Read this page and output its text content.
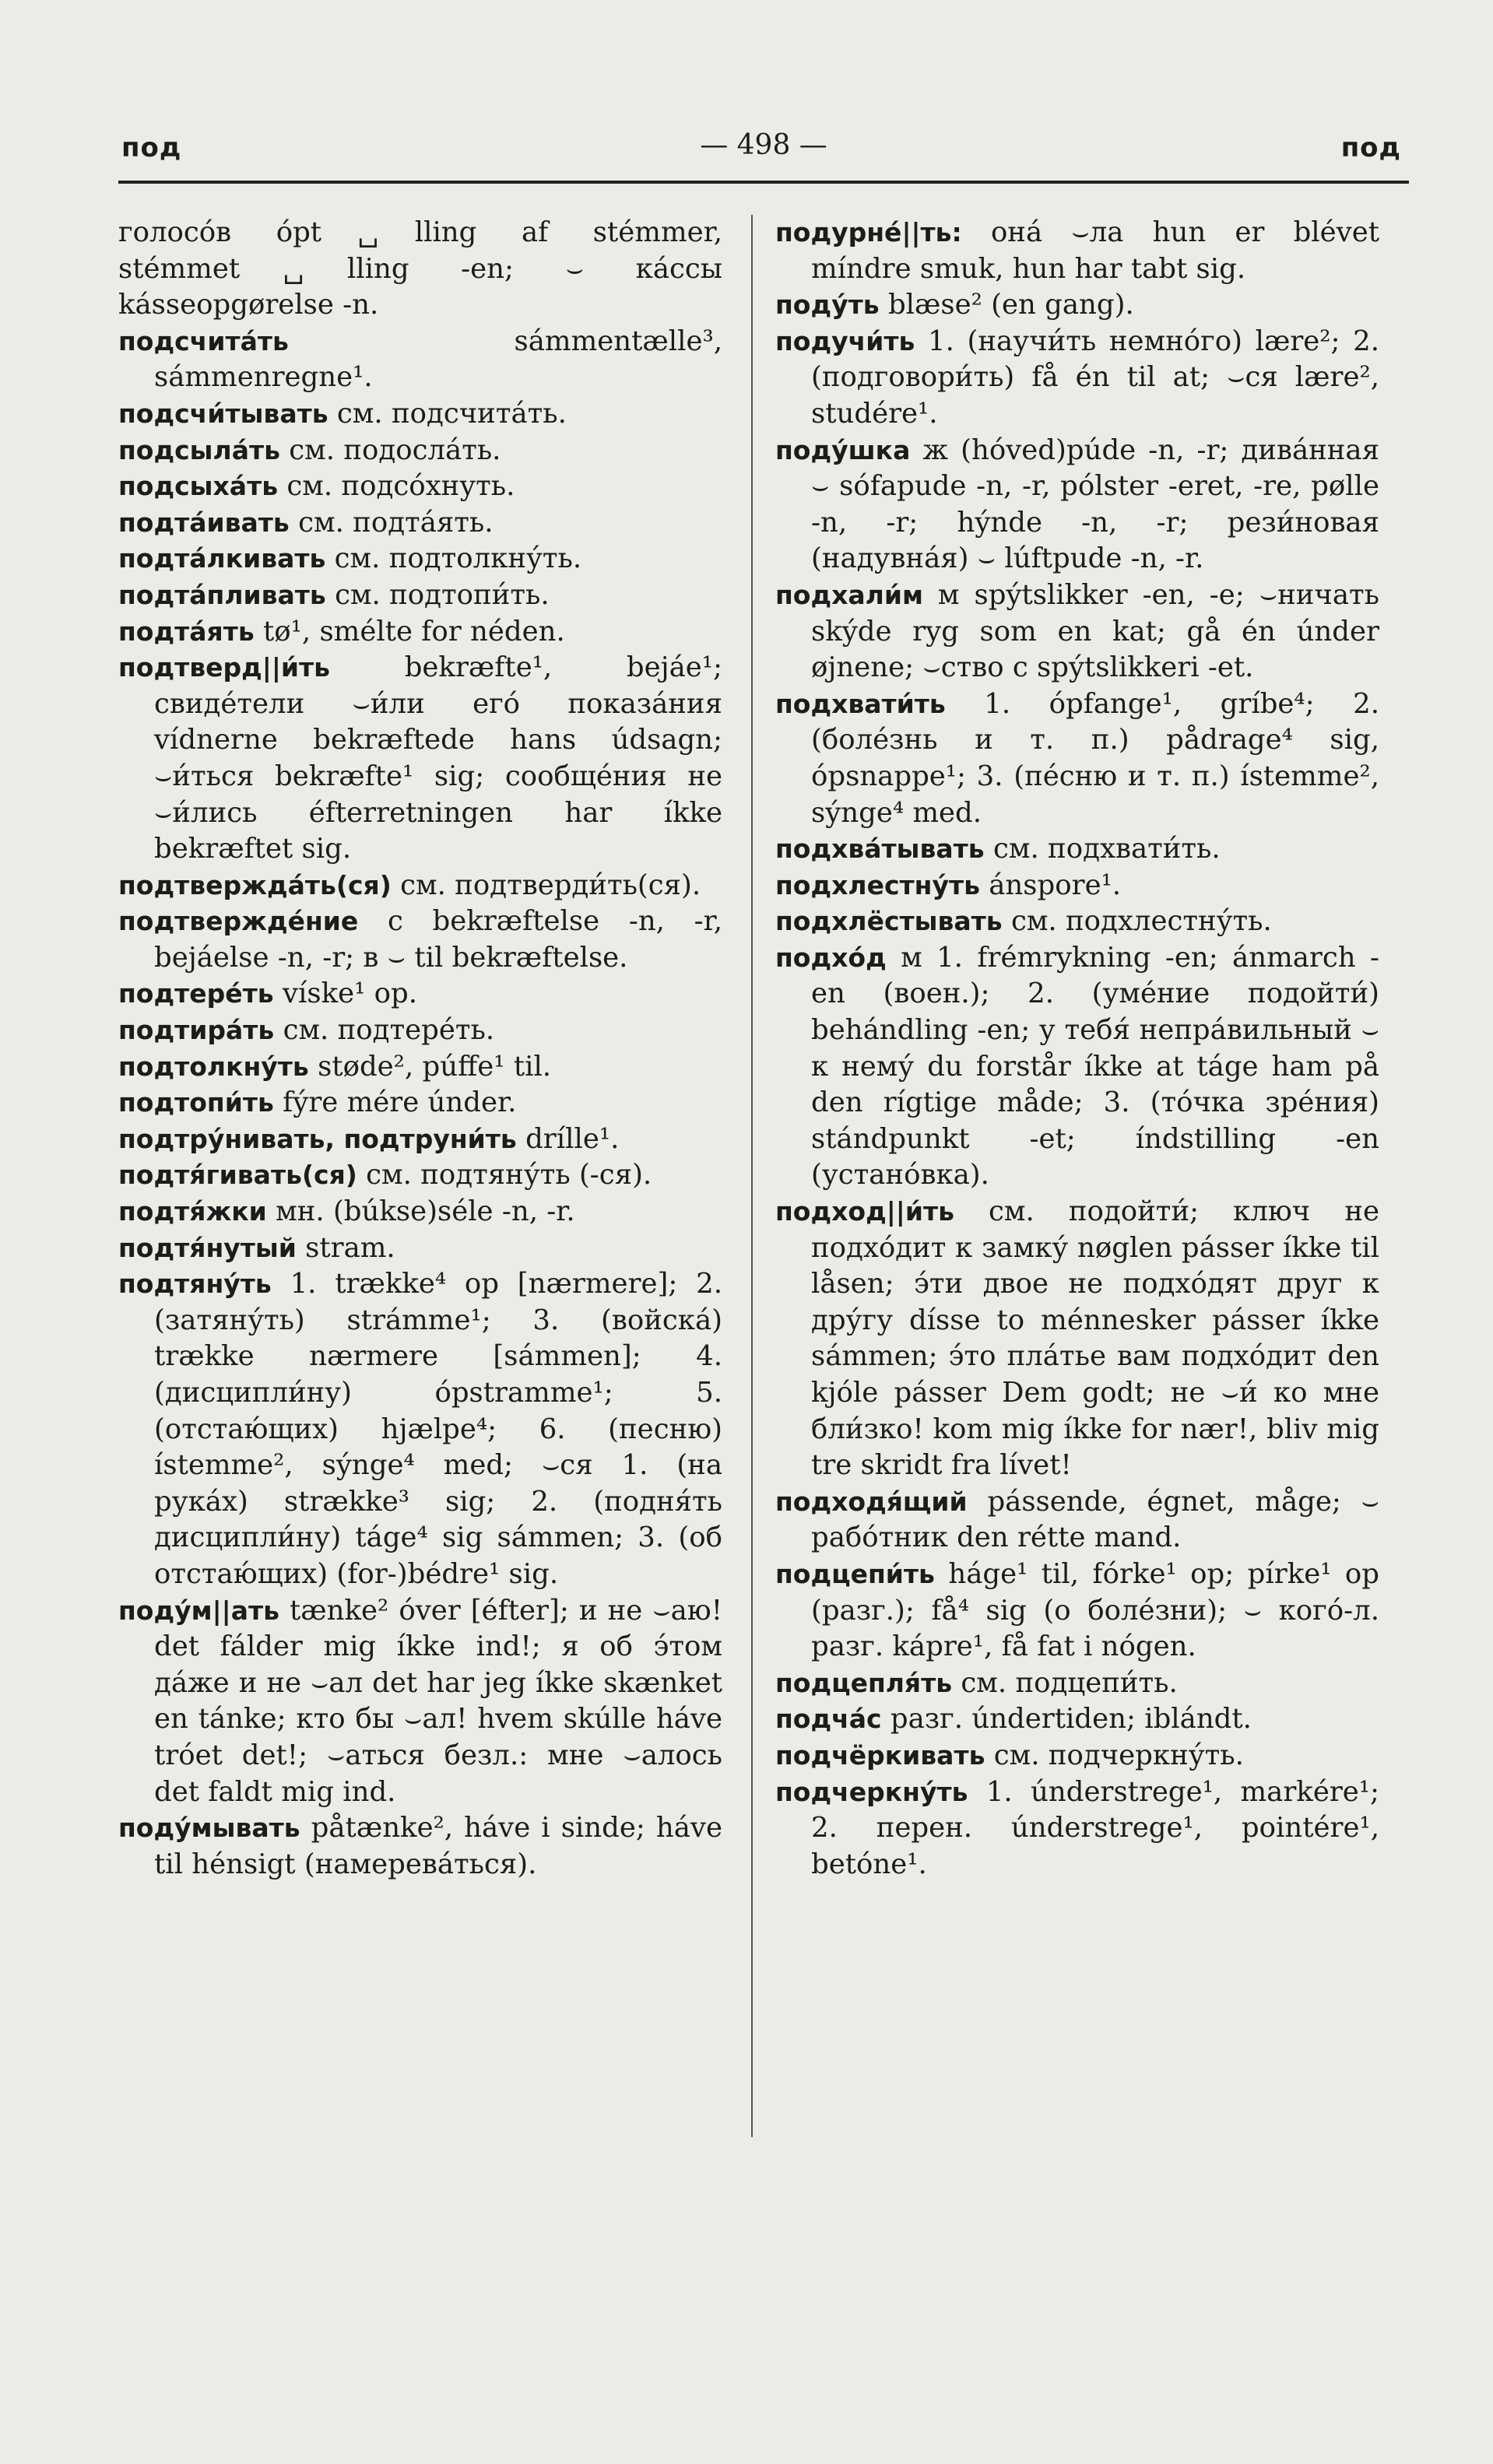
под	— 498 —	под

голосо́в ópt␣lling af stémmer, stémmet␣lling -en; ⌣ ка́ссы kásseopgørelse -n.

подсчита́ть	sámmentælle³, sámmenregne¹.

подсчи́тывать см. подсчита́ть.

подсыла́ть см. подосла́ть.

подсыха́ть см. подсо́хнуть.

подта́ивать см. подта́ять.

подта́лкивать см. подтолкну́ть.

подта́пливать см. подтопи́ть.

подта́ять tø¹, smélte for néden.

подтверд||и́ть	bekræfte¹, bejáe¹; свиде́тели ⌣и́ли его́ показа́ния vídnerne bekræftede hans údsagn; ⌣и́ться bekræfte¹ sig; сообще́ния не ⌣и́лись éfterretningen har íkke bekræftet sig.

подтвержда́ть(ся) см. подтверди́ть(ся).

подтвержде́ние с bekræftelse -n, -r, bejáelse -n, -r; в ⌣ til bekræftelse.

подтере́ть víske¹ op.

подтира́ть см. подтере́ть.

подтолкну́ть støde², púffe¹ til.

подтопи́ть fýre mére únder.

подтру́нивать, подтруни́ть dríllе¹.

подтя́гивать(ся) см. подтяну́ть (-ся).

подтя́жки мн. (búkse)séle -n, -r.

подтя́нутый stram.

подтяну́ть 1. trække⁴ op [nærmere]; 2. (затяну́ть) strámme¹; 3. (войска́) trække nærmere [sámmen]; 4. (дисципли́ну) ópstramme¹; 5. (отстаю́щих) hjælpe⁴; 6. (песню) ístemme², sýnge⁴ med; ⌣ся 1. (на рука́х) strække³ sig; 2. (подня́ть дисципли́ну) táge⁴ sig sámmen; 3. (об отстаю́щих) (for-)bédre¹ sig.

поду́м||ать tænke² óver [éfter]; и не ⌣аю! det fálder mig íkke ind!; я об э́том да́же и не ⌣ал det har jeg íkke skænket en tánke; кто бы ⌣ал! hvem skúlle háve tróet det!; ⌣аться безл.: мне ⌣алось det faldt mig ind.

поду́мывать påtænke², háve i sinde; háve til hénsigt (намерева́ться).

подурне́||ть: она́ ⌣ла hun er blévet míndre smuk, hun har tabt sig.

поду́ть blæse² (en gang).

подучи́ть 1. (научи́ть немно́го) lære²; 2. (подговори́ть) få én til at; ⌣ся lære², studére¹.

поду́шка ж (hóved)púde -n, -r; дива́нная ⌣ sófapude -n, -r, pólster -eret, -re, pølle -n, -r; hýnde -n, -r; рези́новая (надувна́я) ⌣ lúftpude -n, -r.

подхали́м м spýtslikker -en, -e; ⌣ничать skýde ryg som en kat; gå én únder øjnene; ⌣ство с spýtslikkeri -et.

подхвати́ть 1. ópfange¹, gríbe⁴; 2. (боле́знь и т. п.) pådrage⁴ sig, ópsnappe¹; 3. (пе́сню и т. п.) ístemme², sýnge⁴ med.

подхва́тывать см. подхвати́ть.

подхлестну́ть ánspore¹.

подхлёстывать см. подхлестну́ть.

подхо́д м 1. frémrykning -en; ánmarch -en (воен.); 2. (уме́ние подойти́) behándling -en; у тебя́ непра́вильный ⌣ к нему́ du forstår íkke at táge ham på den rígtige måde; 3. (то́чка зре́ния) stándpunkt -et; índstilling -en (устано́вка).

подход||и́ть см. подойти́; ключ не подхо́дит к замку́ nøglen pásser íkke til låsen; э́ти двое не подхо́дят друг к дру́гу dísse to ménnesker pásser íkke sámmen; э́то пла́тье вам подхо́дит den kjóle pásser Dem godt; не ⌣и́ ко мне бли́зко! kom mig íkke for nær!, bliv mig tre skridt fra lívet!

подходя́щий pássende, égnet, måge; ⌣ рабо́тник den rétte mand.

подцепи́ть háge¹ til, fórke¹ op; pírke¹ op (разг.); få⁴ sig (о боле́зни); ⌣ кого́-л. разг. kápre¹, få fat i nógen.

подцепля́ть см. подцепи́ть.

подча́с разг. úndertiden; iblándt.

подчёркивать см. подчеркну́ть.

подчеркну́ть 1. únderstrege¹, markére¹; 2. перен. únderstrege¹, pointére¹, betóne¹.
